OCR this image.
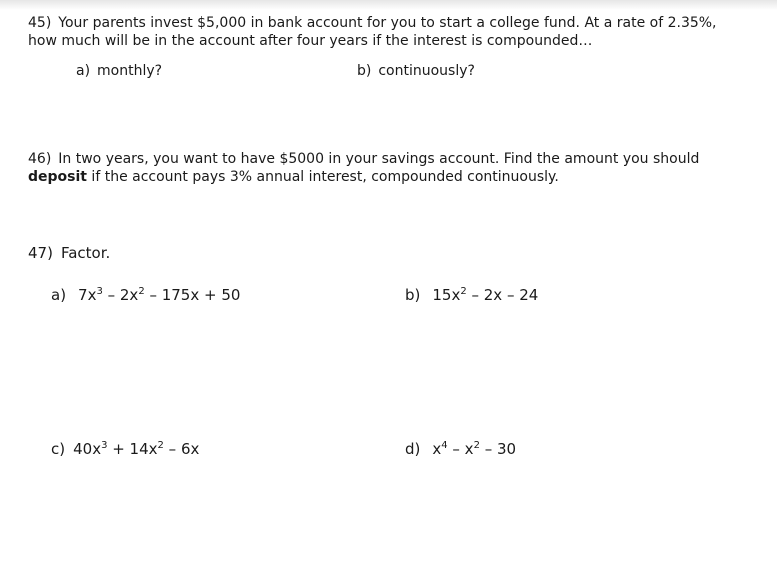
45) Your parents invest $5,000 in bank account for you to start a college fund. At a rate of 2.35%,
how much will be in the account after four years if the interest is compounded…
a) monthly?	b) continuously?
46) In two years, you want to have $5000 in your savings account. Find the amount you should
deposit if the account pays 3% annual interest, compounded continuously.
47) Factor.
a) $7x^3 - 2x^2 - 175x + 50$	b) $15x^2 - 2x - 24$
c) $40x^3 + 14x^2 - 6x$	d) $x^4 - x^2 - 30$
